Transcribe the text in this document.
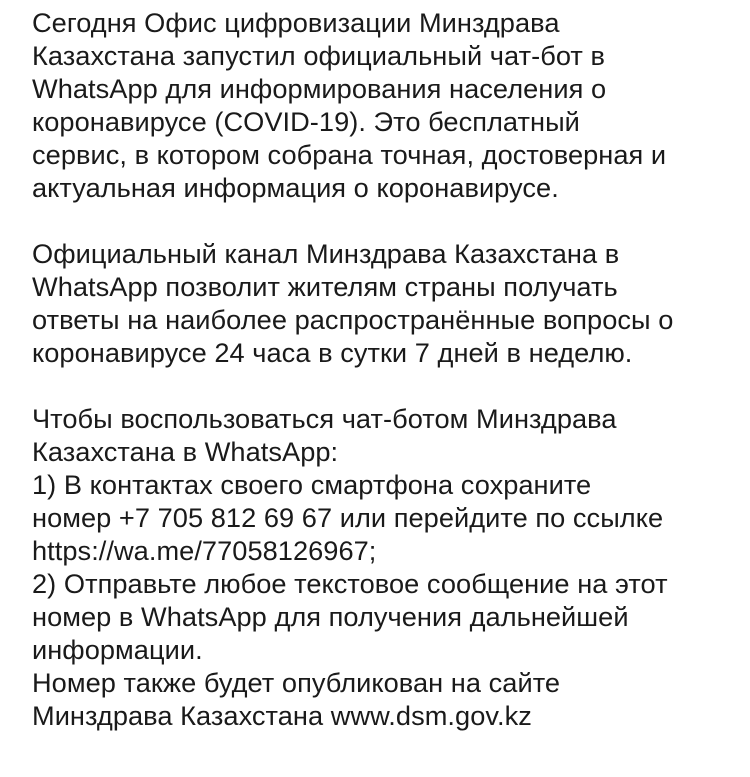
Сегодня Офис цифровизации Минздрава
Казахстана запустил официальный чат-бот в
WhatsApp для информирования населения о
коронавирусе (COVID-19). Это бесплатный
сервис, в котором собрана точная, достоверная и
актуальная информация о коронавирусе.

Официальный канал Минздрава Казахстана в
WhatsApp позволит жителям страны получать
ответы на наиболее распространённые вопросы о
коронавирусе 24 часа в сутки 7 дней в неделю.

Чтобы воспользоваться чат-ботом Минздрава
Казахстана в WhatsApp:

1) В контактах своего смартфона сохраните
номер +7 705 812 69 67 или перейдите по ссылке
https://wa.me/77058126967;

2) Отправьте любое текстовое сообщение на этот
номер в WhatsApp для получения дальнейшей
информации.

Номер также будет опубликован на сайте
Минздрава Казахстана www.dsm.gov.kz
